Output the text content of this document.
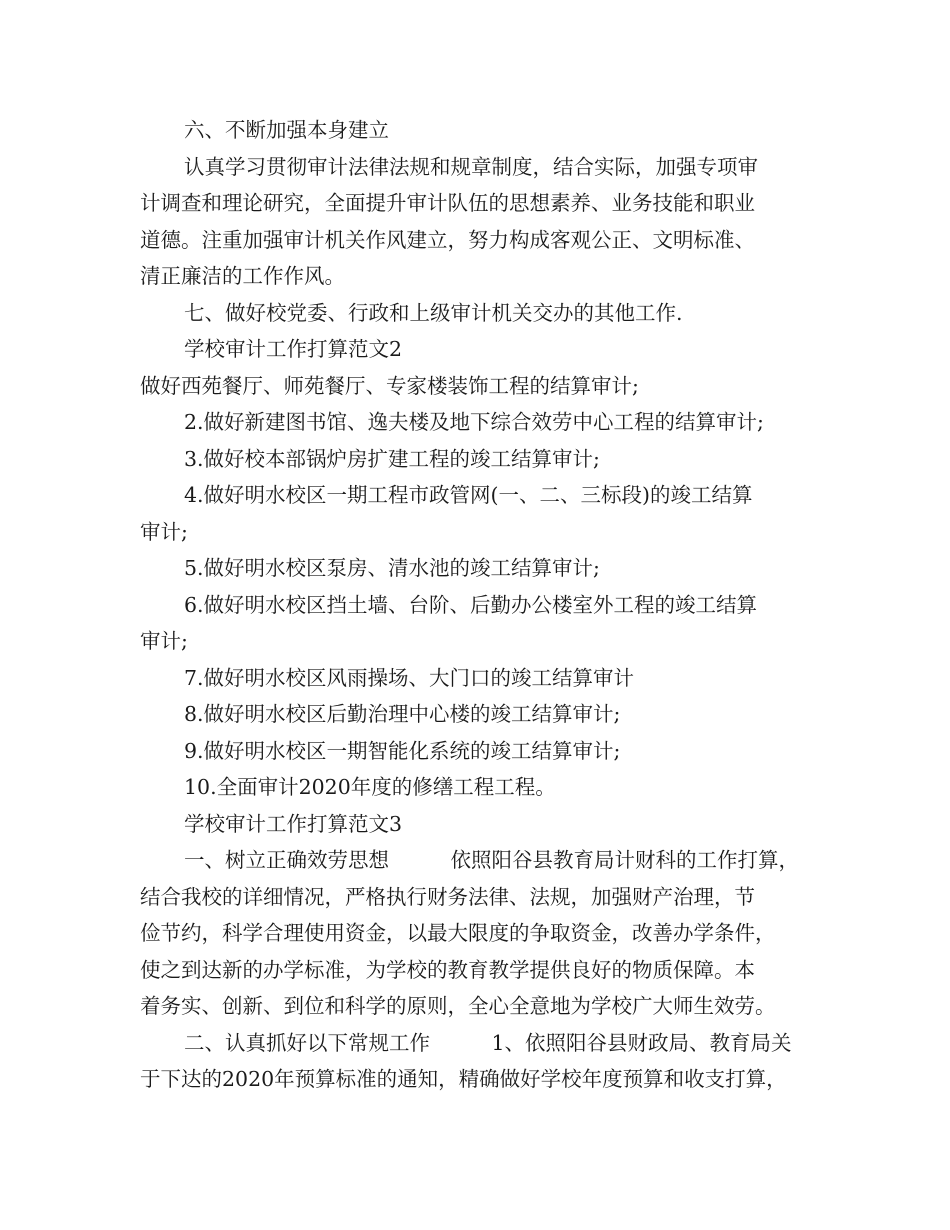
六、不断加强本身建立
认真学习贯彻审计法律法规和规章制度，结合实际，加强专项审
计调查和理论研究，全面提升审计队伍的思想素养、业务技能和职业
道德。注重加强审计机关作风建立，努力构成客观公正、文明标准、
清正廉洁的工作作风。
七、做好校党委、行政和上级审计机关交办的其他工作.
学校审计工作打算范文2
做好西苑餐厅、师苑餐厅、专家楼装饰工程的结算审计;
2.做好新建图书馆、逸夫楼及地下综合效劳中心工程的结算审计;
3.做好校本部锅炉房扩建工程的竣工结算审计;
4.做好明水校区一期工程市政管网(一、二、三标段)的竣工结算
审计;
5.做好明水校区泵房、清水池的竣工结算审计;
6.做好明水校区挡土墙、台阶、后勤办公楼室外工程的竣工结算
审计;
7.做好明水校区风雨操场、大门口的竣工结算审计
8.做好明水校区后勤治理中心楼的竣工结算审计;
9.做好明水校区一期智能化系统的竣工结算审计;
10.全面审计2020年度的修缮工程工程。
学校审计工作打算范文3
一、树立正确效劳思想　　　依照阳谷县教育局计财科的工作打算，
结合我校的详细情况，严格执行财务法律、法规，加强财产治理，节
俭节约，科学合理使用资金，以最大限度的争取资金，改善办学条件，
使之到达新的办学标准，为学校的教育教学提供良好的物质保障。本
着务实、创新、到位和科学的原则，全心全意地为学校广大师生效劳。
二、认真抓好以下常规工作　　　1、依照阳谷县财政局、教育局关
于下达的2020年预算标准的通知，精确做好学校年度预算和收支打算，
